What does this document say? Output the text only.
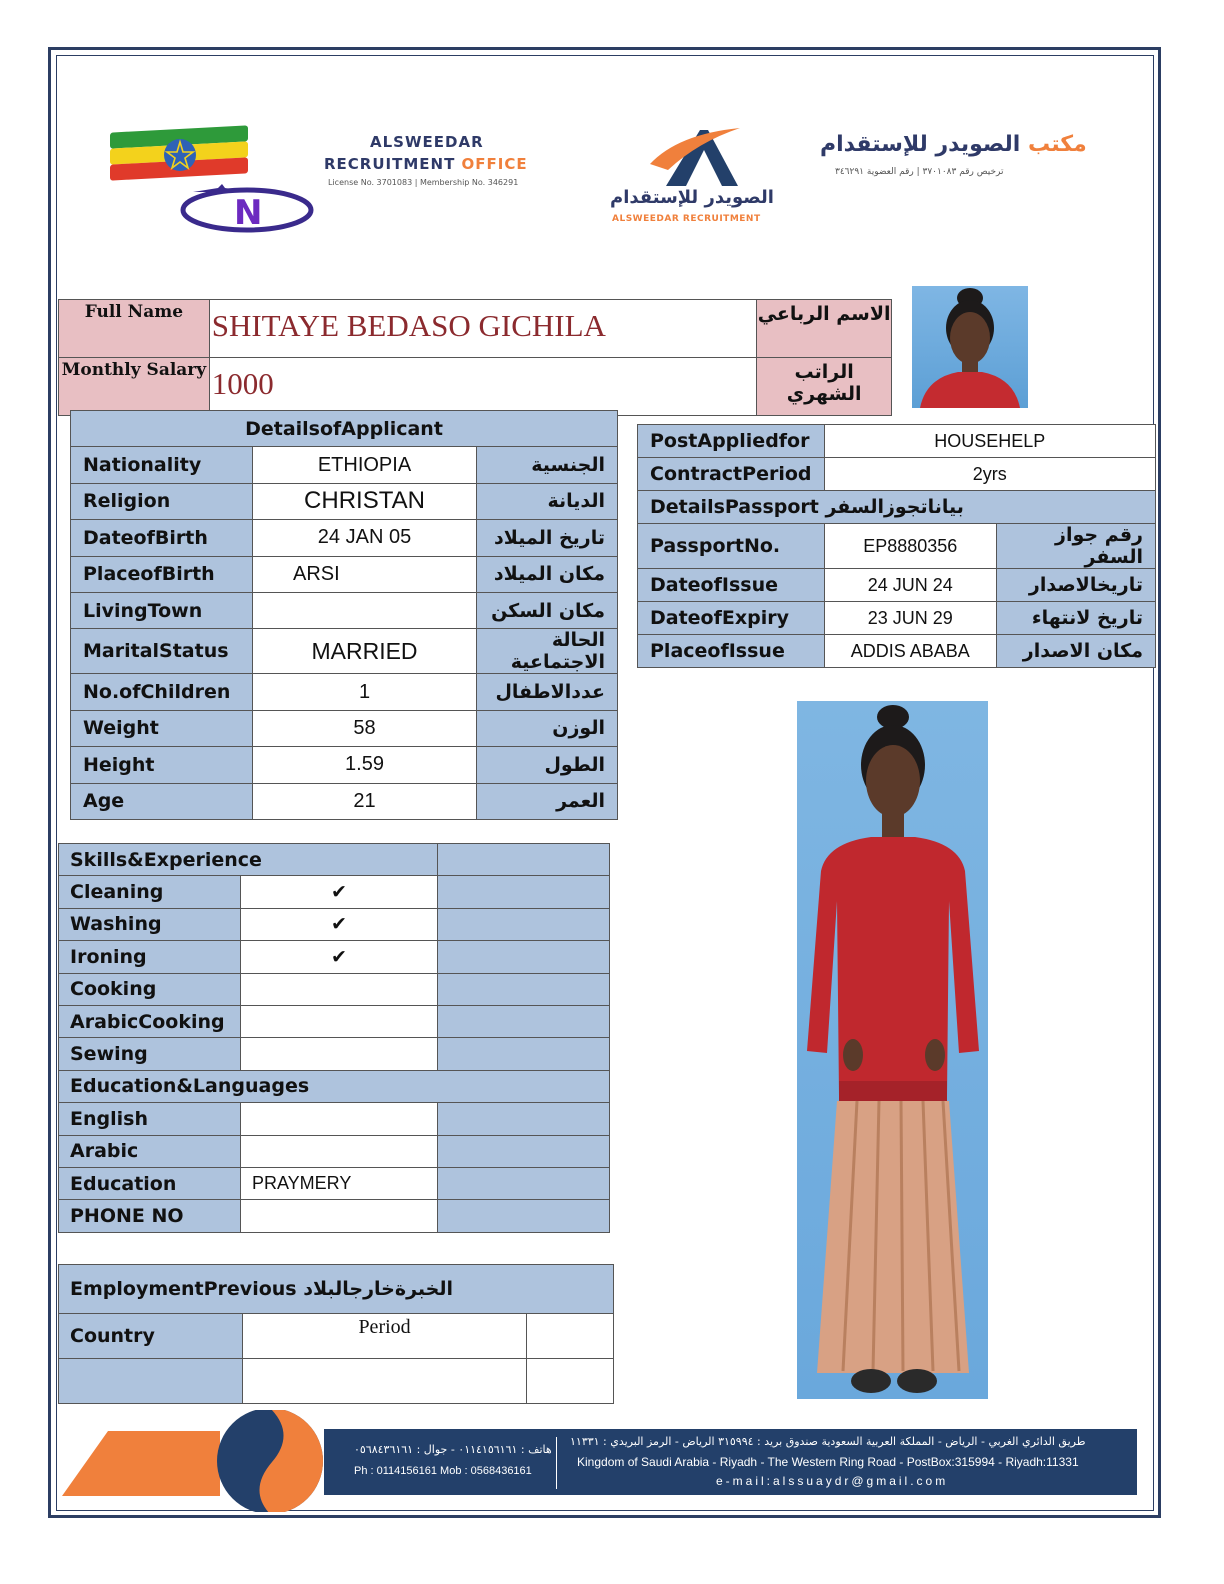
N
ALSWEEDAR
RECRUITMENT OFFICE
License No. 3701083 | Membership No. 346291
الصويدر للإستقدام
ALSWEEDAR RECRUITMENT
مكتب الصويدر للإستقدام
ترخيص رقم ٣٧٠١٠٨٣ | رقم العضوية ٣٤٦٢٩١
Full Name	SHITAYE BEDASO GICHILA	الاسم الرباعي
Monthly Salary	1000	الراتب الشهري
DetailsofApplicant		
Nationality	ETHIOPIA	الجنسية
Religion	CHRISTAN	الديانة
DateofBirth	24 JAN 05	تاريخ الميلاد
PlaceofBirth	ARSI	مكان الميلاد
LivingTown		مكان السكن
MaritalStatus	MARRIED	الحالة الاجتماعية
No.ofChildren	1	عددالاطفال
Weight	58	الوزن
Height	1.59	الطول
Age	21	العمر
PostAppliedfor	HOUSEHELP	
ContractPeriod	2yrs	
DetailsPassport بياناتجوزالسفر		
PassportNo.	EP8880356	رقم جواز السفر
DateofIssue	24 JUN 24	تاريخالاصدار
DateofExpiry	23 JUN 29	تاريخ لانتهاء
PlaceofIssue	ADDIS ABABA	مكان الاصدار
Skills&Experience		
Cleaning	✔	
Washing	✔	
Ironing	✔	
Cooking		
ArabicCooking		
Sewing		
Education&Languages		
English		
Arabic		
Education	PRAYMERY	
PHONE NO		
EmploymentPrevious الخبرةخارجالبلاد		
Country	Period	

هاتف : ٠١١٤١٥٦١٦١ - جوال : ٠٥٦٨٤٣٦١٦١
Ph : 0114156161 Mob : 0568436161
طريق الدائري الغربي - الرياض - المملكة العربية السعودية صندوق بريد : ٣١٥٩٩٤ الرياض - الرمز البريدي : ١١٣٣١
Kingdom of Saudi Arabia - Riyadh - The Western Ring Road - PostBox:315994 - Riyadh:11331
e-mail:alssuaydr@gmail.com
